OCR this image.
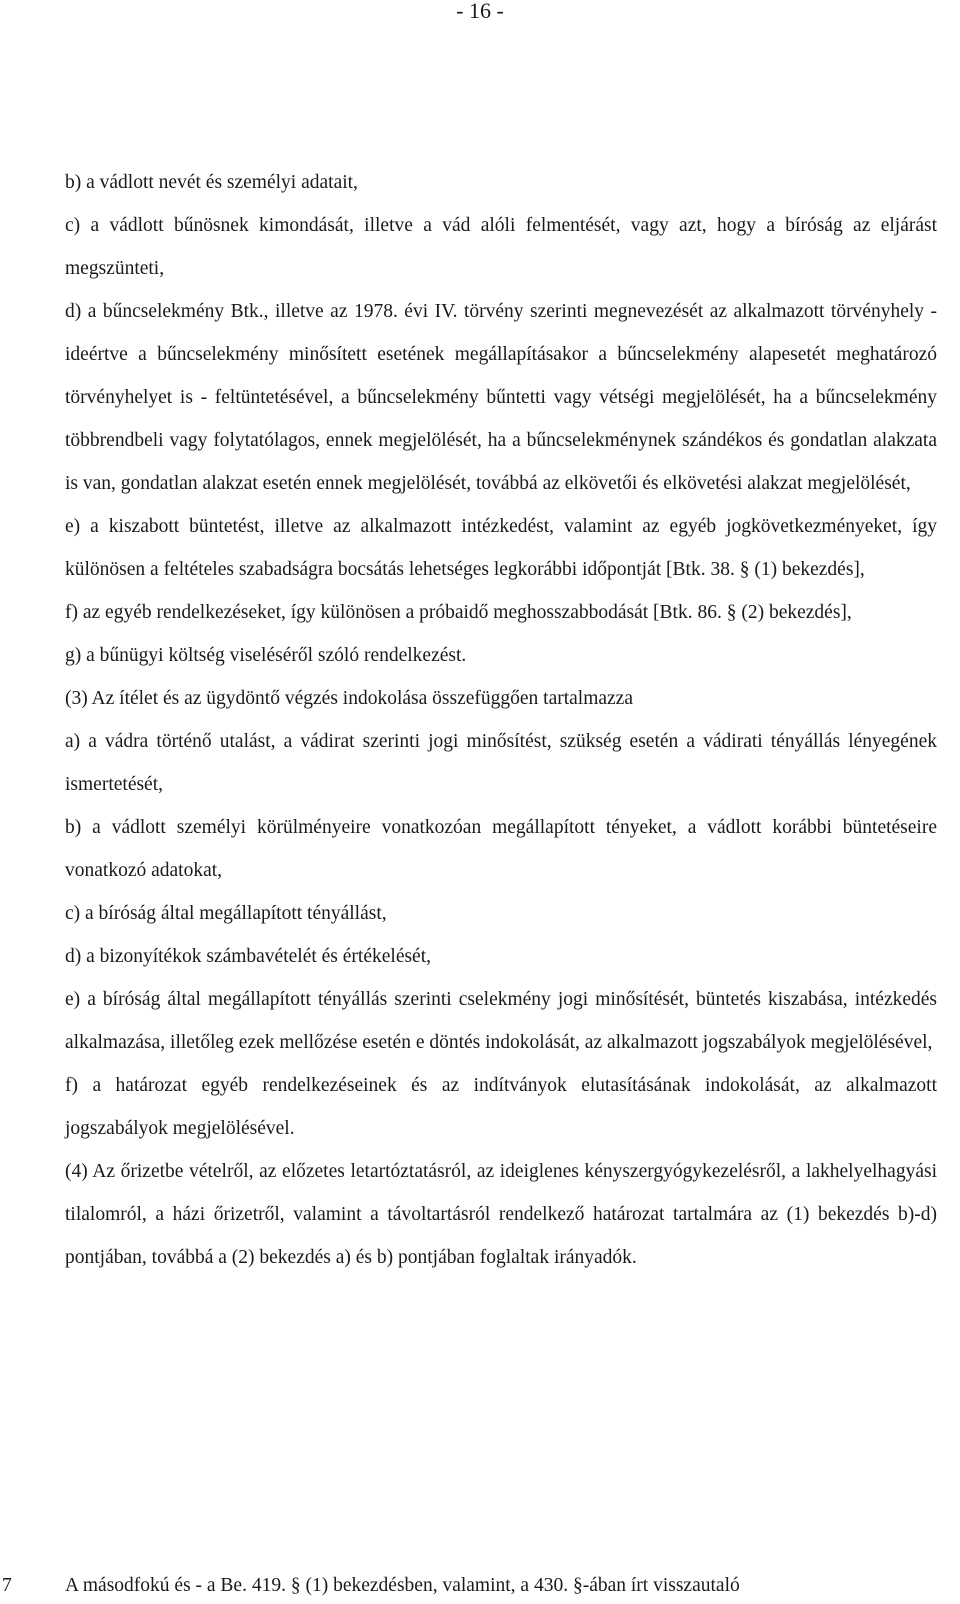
- 16 -

b) a vádlott nevét és személyi adatait,

c) a vádlott bűnösnek kimondását, illetve a vád alóli felmentését, vagy azt, hogy a bíróság az eljárást megszünteti,

d) a bűncselekmény Btk., illetve az 1978. évi IV. törvény szerinti megnevezését az alkalmazott törvényhely - ideértve a bűncselekmény minősített esetének megállapításakor a bűncselekmény alapesetét meghatározó törvényhelyet is - feltüntetésével, a bűncselekmény bűntetti vagy vétségi megjelölését, ha a bűncselekmény többrendbeli vagy folytatólagos, ennek megjelölését, ha a bűncselekménynek szándékos és gondatlan alakzata is van, gondatlan alakzat esetén ennek megjelölését, továbbá az elkövetői és elkövetési alakzat megjelölését,

e) a kiszabott büntetést, illetve az alkalmazott intézkedést, valamint az egyéb jogkövetkezményeket, így különösen a feltételes szabadságra bocsátás lehetséges legkorábbi időpontját [Btk. 38. § (1) bekezdés],

f) az egyéb rendelkezéseket, így különösen a próbaidő meghosszabbodását [Btk. 86. § (2) bekezdés],

g) a bűnügyi költség viseléséről szóló rendelkezést.

(3) Az ítélet és az ügydöntő végzés indokolása összefüggően tartalmazza

a) a vádra történő utalást, a vádirat szerinti jogi minősítést, szükség esetén a vádirati tényállás lényegének ismertetését,

b) a vádlott személyi körülményeire vonatkozóan megállapított tényeket, a vádlott korábbi büntetéseire vonatkozó adatokat,

c) a bíróság által megállapított tényállást,

d) a bizonyítékok számbavételét és értékelését,

e) a bíróság által megállapított tényállás szerinti cselekmény jogi minősítését, büntetés kiszabása, intézkedés alkalmazása, illetőleg ezek mellőzése esetén e döntés indokolását, az alkalmazott jogszabályok megjelölésével,

f) a határozat egyéb rendelkezéseinek és az indítványok elutasításának indokolását, az alkalmazott jogszabályok megjelölésével.

(4) Az őrizetbe vételről, az előzetes letartóztatásról, az ideiglenes kényszergyógykezelésről, a lakhelyelhagyási tilalomról, a házi őrizetről, valamint a távoltartásról rendelkező határozat tartalmára az (1) bekezdés b)-d) pontjában, továbbá a (2) bekezdés a) és b) pontjában foglaltak irányadók.

7	A másodfokú és - a Be. 419. § (1) bekezdésben, valamint, a 430. §-ában írt visszautaló
